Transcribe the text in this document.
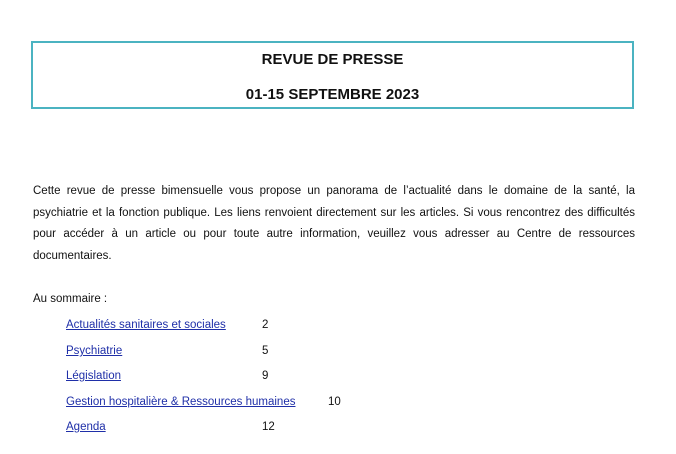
REVUE DE PRESSE
01-15 SEPTEMBRE 2023
Cette revue de presse bimensuelle vous propose un panorama de l’actualité dans le domaine de la santé, la psychiatrie et la fonction publique. Les liens renvoient directement sur les articles. Si vous rencontrez des difficultés pour accéder à un article ou pour toute autre information, veuillez vous adresser au Centre de ressources documentaires.
Au sommaire :
Actualités sanitaires et sociales	2
Psychiatrie	5
Législation	9
Gestion hospitalière & Ressources humaines	10
Agenda	12
